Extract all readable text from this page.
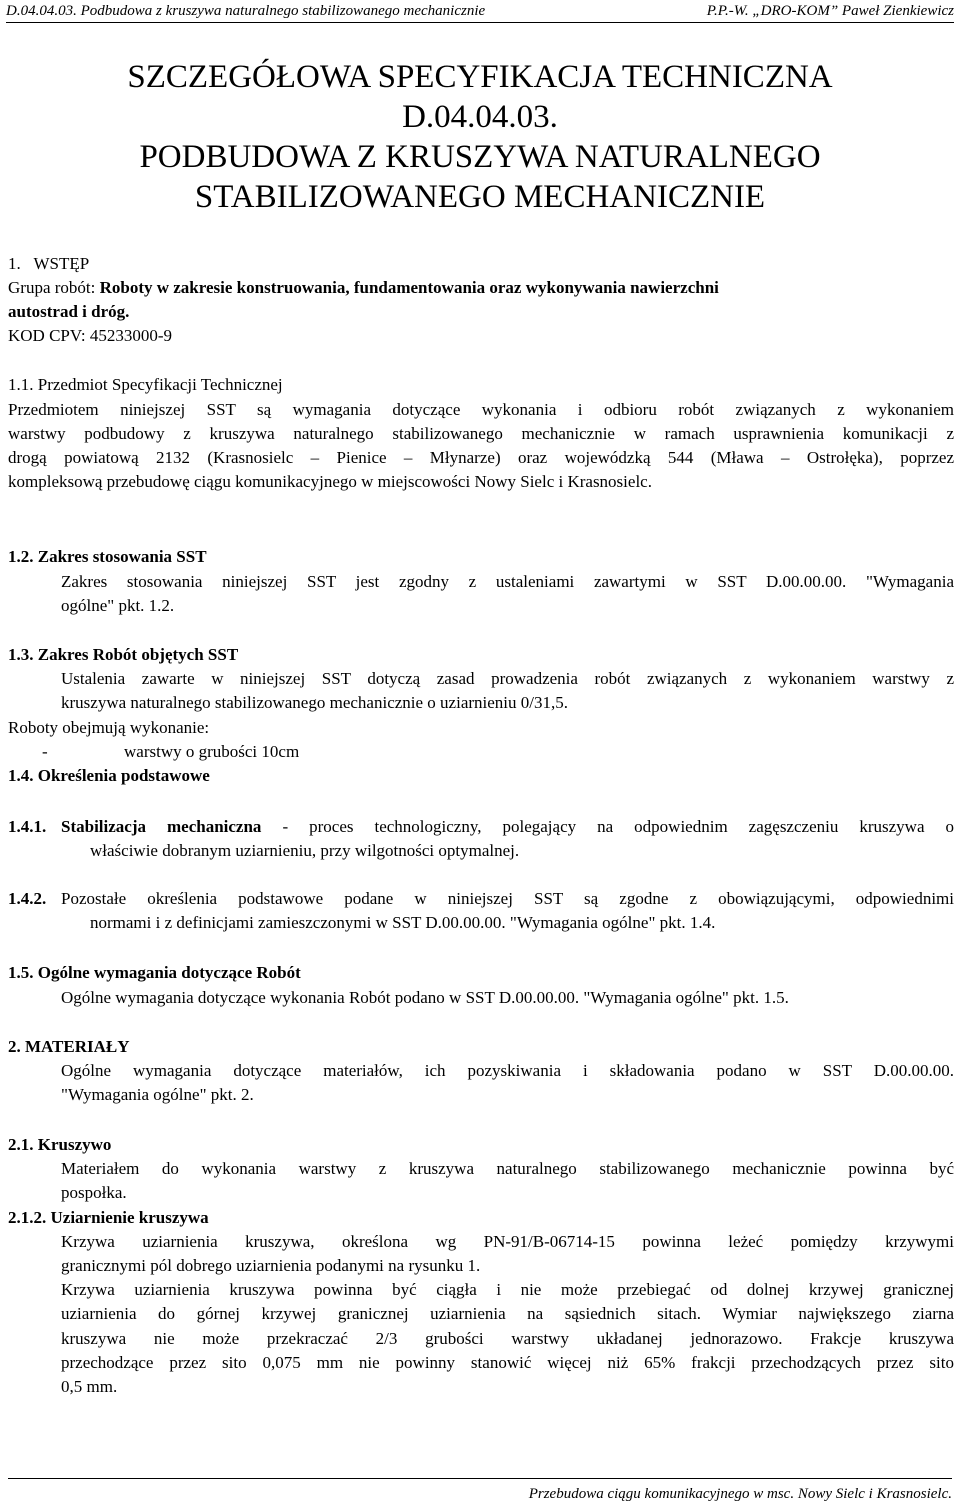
D.04.04.03. Podbudowa z kruszywa naturalnego stabilizowanego mechanicznie	P.P.-W. „DRO-KOM” Paweł Zienkiewicz
SZCZEGÓŁOWA SPECYFIKACJA TECHNICZNA
D.04.04.03.
PODBUDOWA Z KRUSZYWA NATURALNEGO
STABILIZOWANEGO MECHANICZNIE
1.   WSTĘP
Grupa robót: Roboty w zakresie konstruowania, fundamentowania oraz wykonywania nawierzchni
autostrad i dróg.
KOD CPV: 45233000-9
1.1. Przedmiot Specyfikacji Technicznej
Przedmiotem niniejszej SST są wymagania dotyczące wykonania i odbioru robót związanych z wykonaniem
warstwy podbudowy z kruszywa naturalnego stabilizowanego mechanicznie w ramach usprawnienia komunikacji z
drogą powiatową 2132 (Krasnosielc – Pienice – Młynarze) oraz wojewódzką 544 (Mława – Ostrołęka), poprzez
kompleksową przebudowę ciągu komunikacyjnego w miejscowości Nowy Sielc i Krasnosielc.
1.2. Zakres stosowania SST
Zakres stosowania niniejszej SST jest zgodny z ustaleniami zawartymi w SST D.00.00.00. "Wymagania
ogólne" pkt. 1.2.
1.3. Zakres Robót objętych SST
Ustalenia zawarte w niniejszej SST dotyczą zasad prowadzenia robót związanych z wykonaniem warstwy z
kruszywa naturalnego stabilizowanego mechanicznie o uziarnieniu 0/31,5.
Roboty obejmują wykonanie:
-	warstwy o grubości 10cm
1.4. Określenia podstawowe
1.4.1. Stabilizacja mechaniczna - proces technologiczny, polegający na odpowiednim zagęszczeniu kruszywa o
właściwie dobranym uziarnieniu, przy wilgotności optymalnej.
1.4.2. Pozostałe określenia podstawowe podane w niniejszej SST są zgodne z obowiązującymi, odpowiednimi
normami i z definicjami zamieszczonymi w SST D.00.00.00. "Wymagania ogólne" pkt. 1.4.
1.5. Ogólne wymagania dotyczące Robót
Ogólne wymagania dotyczące wykonania Robót podano w SST D.00.00.00. "Wymagania ogólne" pkt. 1.5.
2. MATERIAŁY
Ogólne wymagania dotyczące materiałów, ich pozyskiwania i składowania podano w SST D.00.00.00.
"Wymagania ogólne" pkt. 2.
2.1. Kruszywo
Materiałem do wykonania warstwy z kruszywa naturalnego stabilizowanego mechanicznie powinna być
pospołka.
2.1.2. Uziarnienie kruszywa
Krzywa uziarnienia kruszywa, określona wg PN-91/B-06714-15 powinna leżeć pomiędzy krzywymi
granicznymi pól dobrego uziarnienia podanymi na rysunku 1.
Krzywa uziarnienia kruszywa powinna być ciągła i nie może przebiegać od dolnej krzywej granicznej
uziarnienia do górnej krzywej granicznej uziarnienia na sąsiednich sitach. Wymiar największego ziarna
kruszywa nie może przekraczać 2/3 grubości warstwy układanej jednorazowo. Frakcje kruszywa
przechodzące przez sito 0,075 mm nie powinny stanowić więcej niż 65% frakcji przechodzących przez sito
0,5 mm.
Przebudowa ciągu komunikacyjnego w msc. Nowy Sielc i Krasnosielc.
